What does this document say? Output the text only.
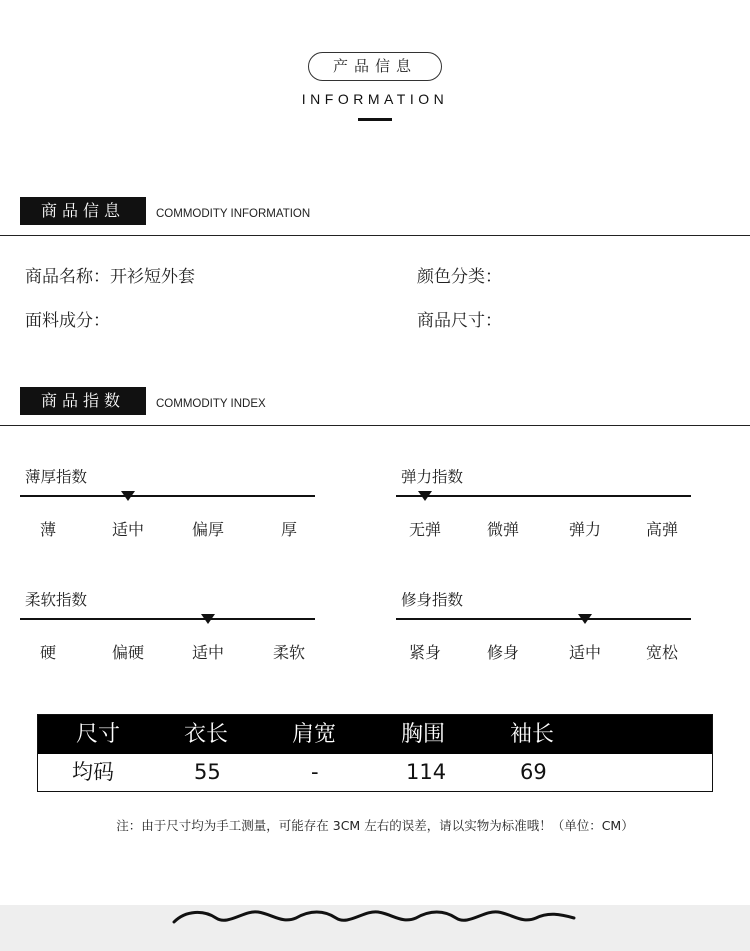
产品信息
INFORMATION
商品信息	COMMODITY INFORMATION
商品名称：开衫短外套	颜色分类：
面料成分：	商品尺寸：
商品指数	COMMODITY INDEX
薄厚指数
薄	适中	偏厚	厚
弹力指数
无弹	微弹	弹力	高弹
柔软指数
硬	偏硬	适中	柔软
修身指数
紧身	修身	适中	宽松
尺寸	衣长	肩宽	胸围	袖长
均码	55	-	114	69
注：由于尺寸均为手工测量，可能存在 3CM 左右的误差，请以实物为标准哦！（单位：CM）
